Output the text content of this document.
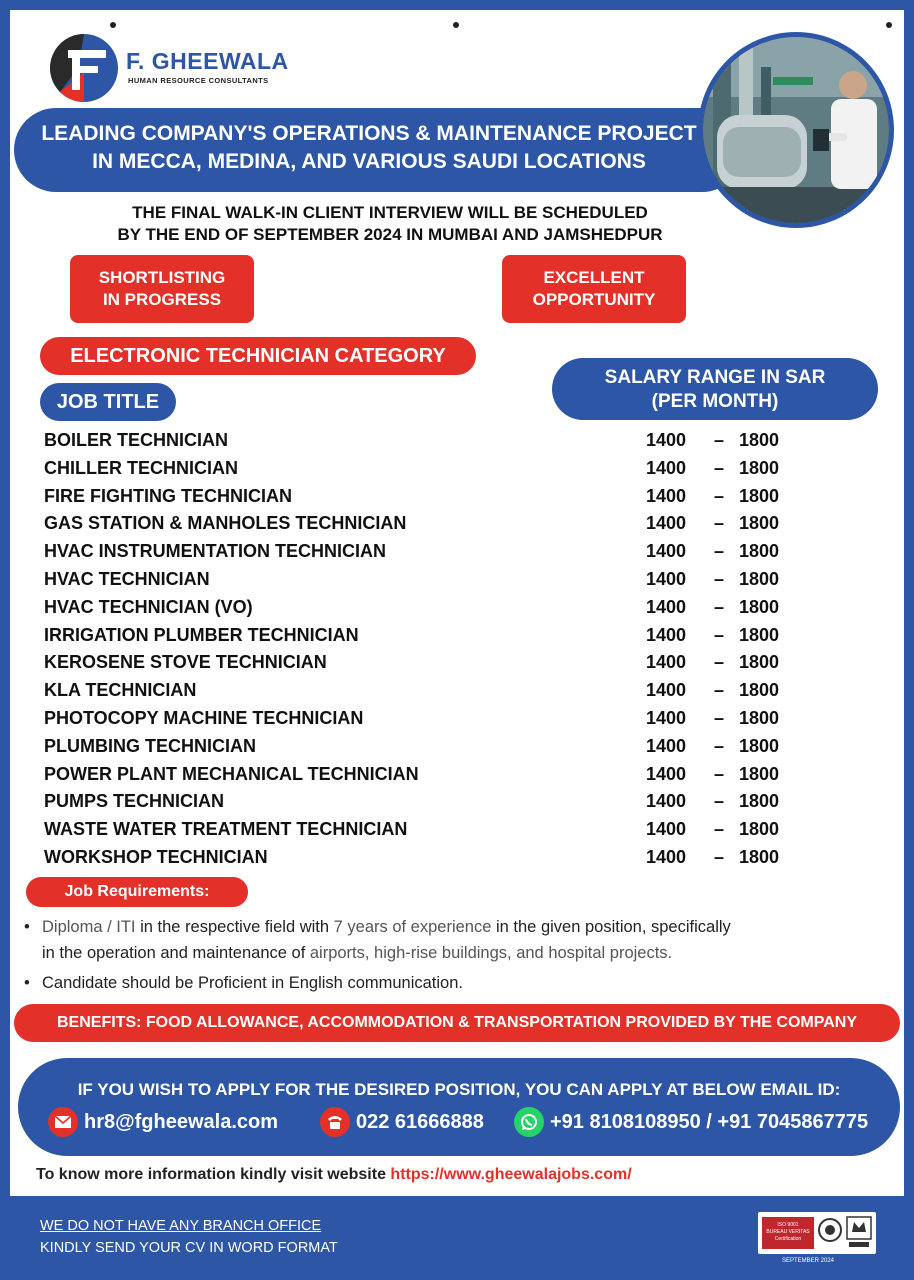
F. GHEEWALA
HUMAN RESOURCE CONSULTANTS
LEADING COMPANY'S OPERATIONS & MAINTENANCE PROJECT
IN MECCA, MEDINA, AND VARIOUS SAUDI LOCATIONS
THE FINAL WALK-IN CLIENT INTERVIEW WILL BE SCHEDULED
BY THE END OF SEPTEMBER 2024 IN MUMBAI AND JAMSHEDPUR
SHORTLISTING
IN PROGRESS
EXCELLENT
OPPORTUNITY
ELECTRONIC TECHNICIAN CATEGORY
JOB TITLE
SALARY RANGE IN SAR
(PER MONTH)
BOILER TECHNICIAN	1400 – 1800
CHILLER TECHNICIAN	1400 – 1800
FIRE FIGHTING TECHNICIAN	1400 – 1800
GAS STATION & MANHOLES TECHNICIAN	1400 – 1800
HVAC INSTRUMENTATION TECHNICIAN	1400 – 1800
HVAC TECHNICIAN	1400 – 1800
HVAC TECHNICIAN (VO)	1400 – 1800
IRRIGATION PLUMBER TECHNICIAN	1400 – 1800
KEROSENE STOVE TECHNICIAN	1400 – 1800
KLA TECHNICIAN	1400 – 1800
PHOTOCOPY MACHINE TECHNICIAN	1400 – 1800
PLUMBING TECHNICIAN	1400 – 1800
POWER PLANT MECHANICAL TECHNICIAN	1400 – 1800
PUMPS TECHNICIAN	1400 – 1800
WASTE WATER TREATMENT TECHNICIAN	1400 – 1800
WORKSHOP TECHNICIAN	1400 – 1800
Job Requirements:
• Diploma / ITI in the respective field with 7 years of experience in the given position, specifically
in the operation and maintenance of airports, high-rise buildings, and hospital projects.
• Candidate should be Proficient in English communication.
BENEFITS: FOOD ALLOWANCE, ACCOMMODATION & TRANSPORTATION PROVIDED BY THE COMPANY
IF YOU WISH TO APPLY FOR THE DESIRED POSITION, YOU CAN APPLY AT BELOW EMAIL ID:
hr8@fgheewala.com	022 61666888	+91 8108108950 / +91 7045867775
To know more information kindly visit website https://www.gheewalajobs.com/
WE DO NOT HAVE ANY BRANCH OFFICE
KINDLY SEND YOUR CV IN WORD FORMAT
ISO 9001
BUREAU VERITAS
Certification
SEPTEMBER 2024
